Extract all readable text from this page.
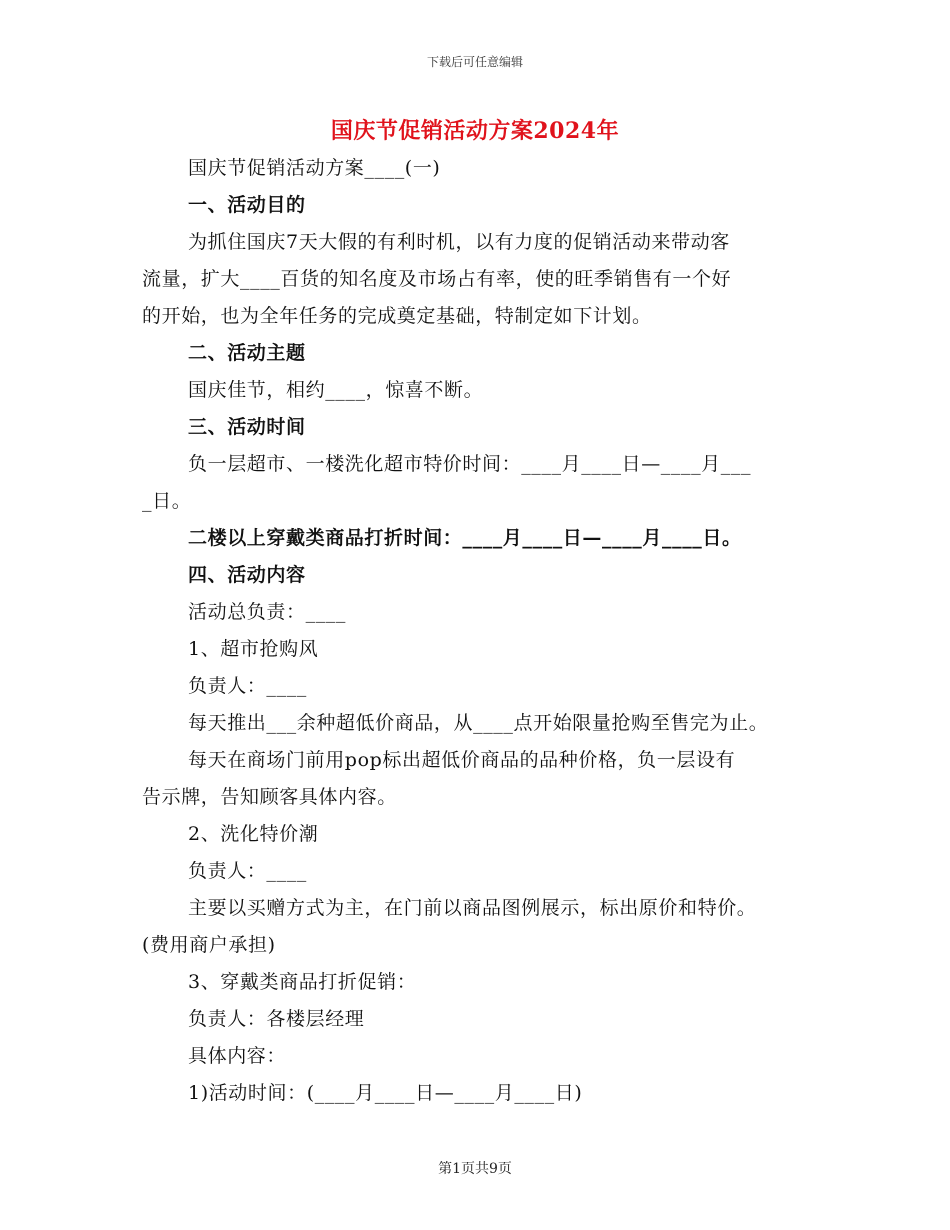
下载后可任意编辑
国庆节促销活动方案2024年
国庆节促销活动方案____(一)
一、活动目的
为抓住国庆7天大假的有利时机，以有力度的促销活动来带动客
流量，扩大____百货的知名度及市场占有率，使的旺季销售有一个好
的开始，也为全年任务的完成奠定基础，特制定如下计划。
二、活动主题
国庆佳节，相约____，惊喜不断。
三、活动时间
负一层超市、一楼洗化超市特价时间：____月____日—____月___
_日。
二楼以上穿戴类商品打折时间：____月____日—____月____日。
四、活动内容
活动总负责：____
1、超市抢购风
负责人：____
每天推出___余种超低价商品，从____点开始限量抢购至售完为止。
每天在商场门前用pop标出超低价商品的品种价格，负一层设有
告示牌，告知顾客具体内容。
2、洗化特价潮
负责人：____
主要以买赠方式为主，在门前以商品图例展示，标出原价和特价。
(费用商户承担)
3、穿戴类商品打折促销：
负责人：各楼层经理
具体内容：
1)活动时间：(____月____日—____月____日)
第1页共9页
